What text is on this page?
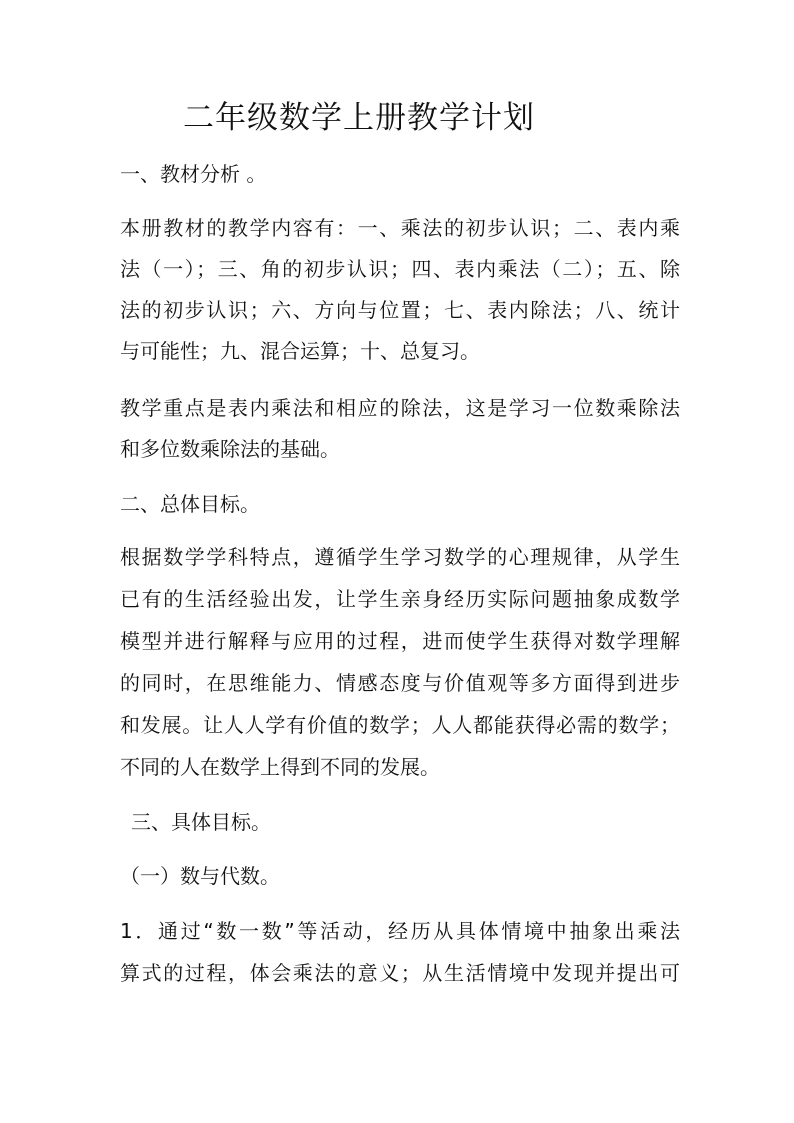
二年级数学上册教学计划
一、教材分析 。
本册教材的教学内容有：一、乘法的初步认识；二、表内乘
法（一）；三、角的初步认识；四、表内乘法（二）；五、除
法的初步认识；六、方向与位置；七、表内除法；八、统计
与可能性；九、混合运算；十、总复习。
教学重点是表内乘法和相应的除法，这是学习一位数乘除法
和多位数乘除法的基础。
二、总体目标。
根据数学学科特点，遵循学生学习数学的心理规律，从学生
已有的生活经验出发，让学生亲身经历实际问题抽象成数学
模型并进行解释与应用的过程，进而使学生获得对数学理解
的同时，在思维能力、情感态度与价值观等多方面得到进步
和发展。让人人学有价值的数学；人人都能获得必需的数学；
不同的人在数学上得到不同的发展。
三、具体目标。
（一）数与代数。
1．通过“数一数”等活动，经历从具体情境中抽象出乘法
算式的过程，体会乘法的意义；从生活情境中发现并提出可
